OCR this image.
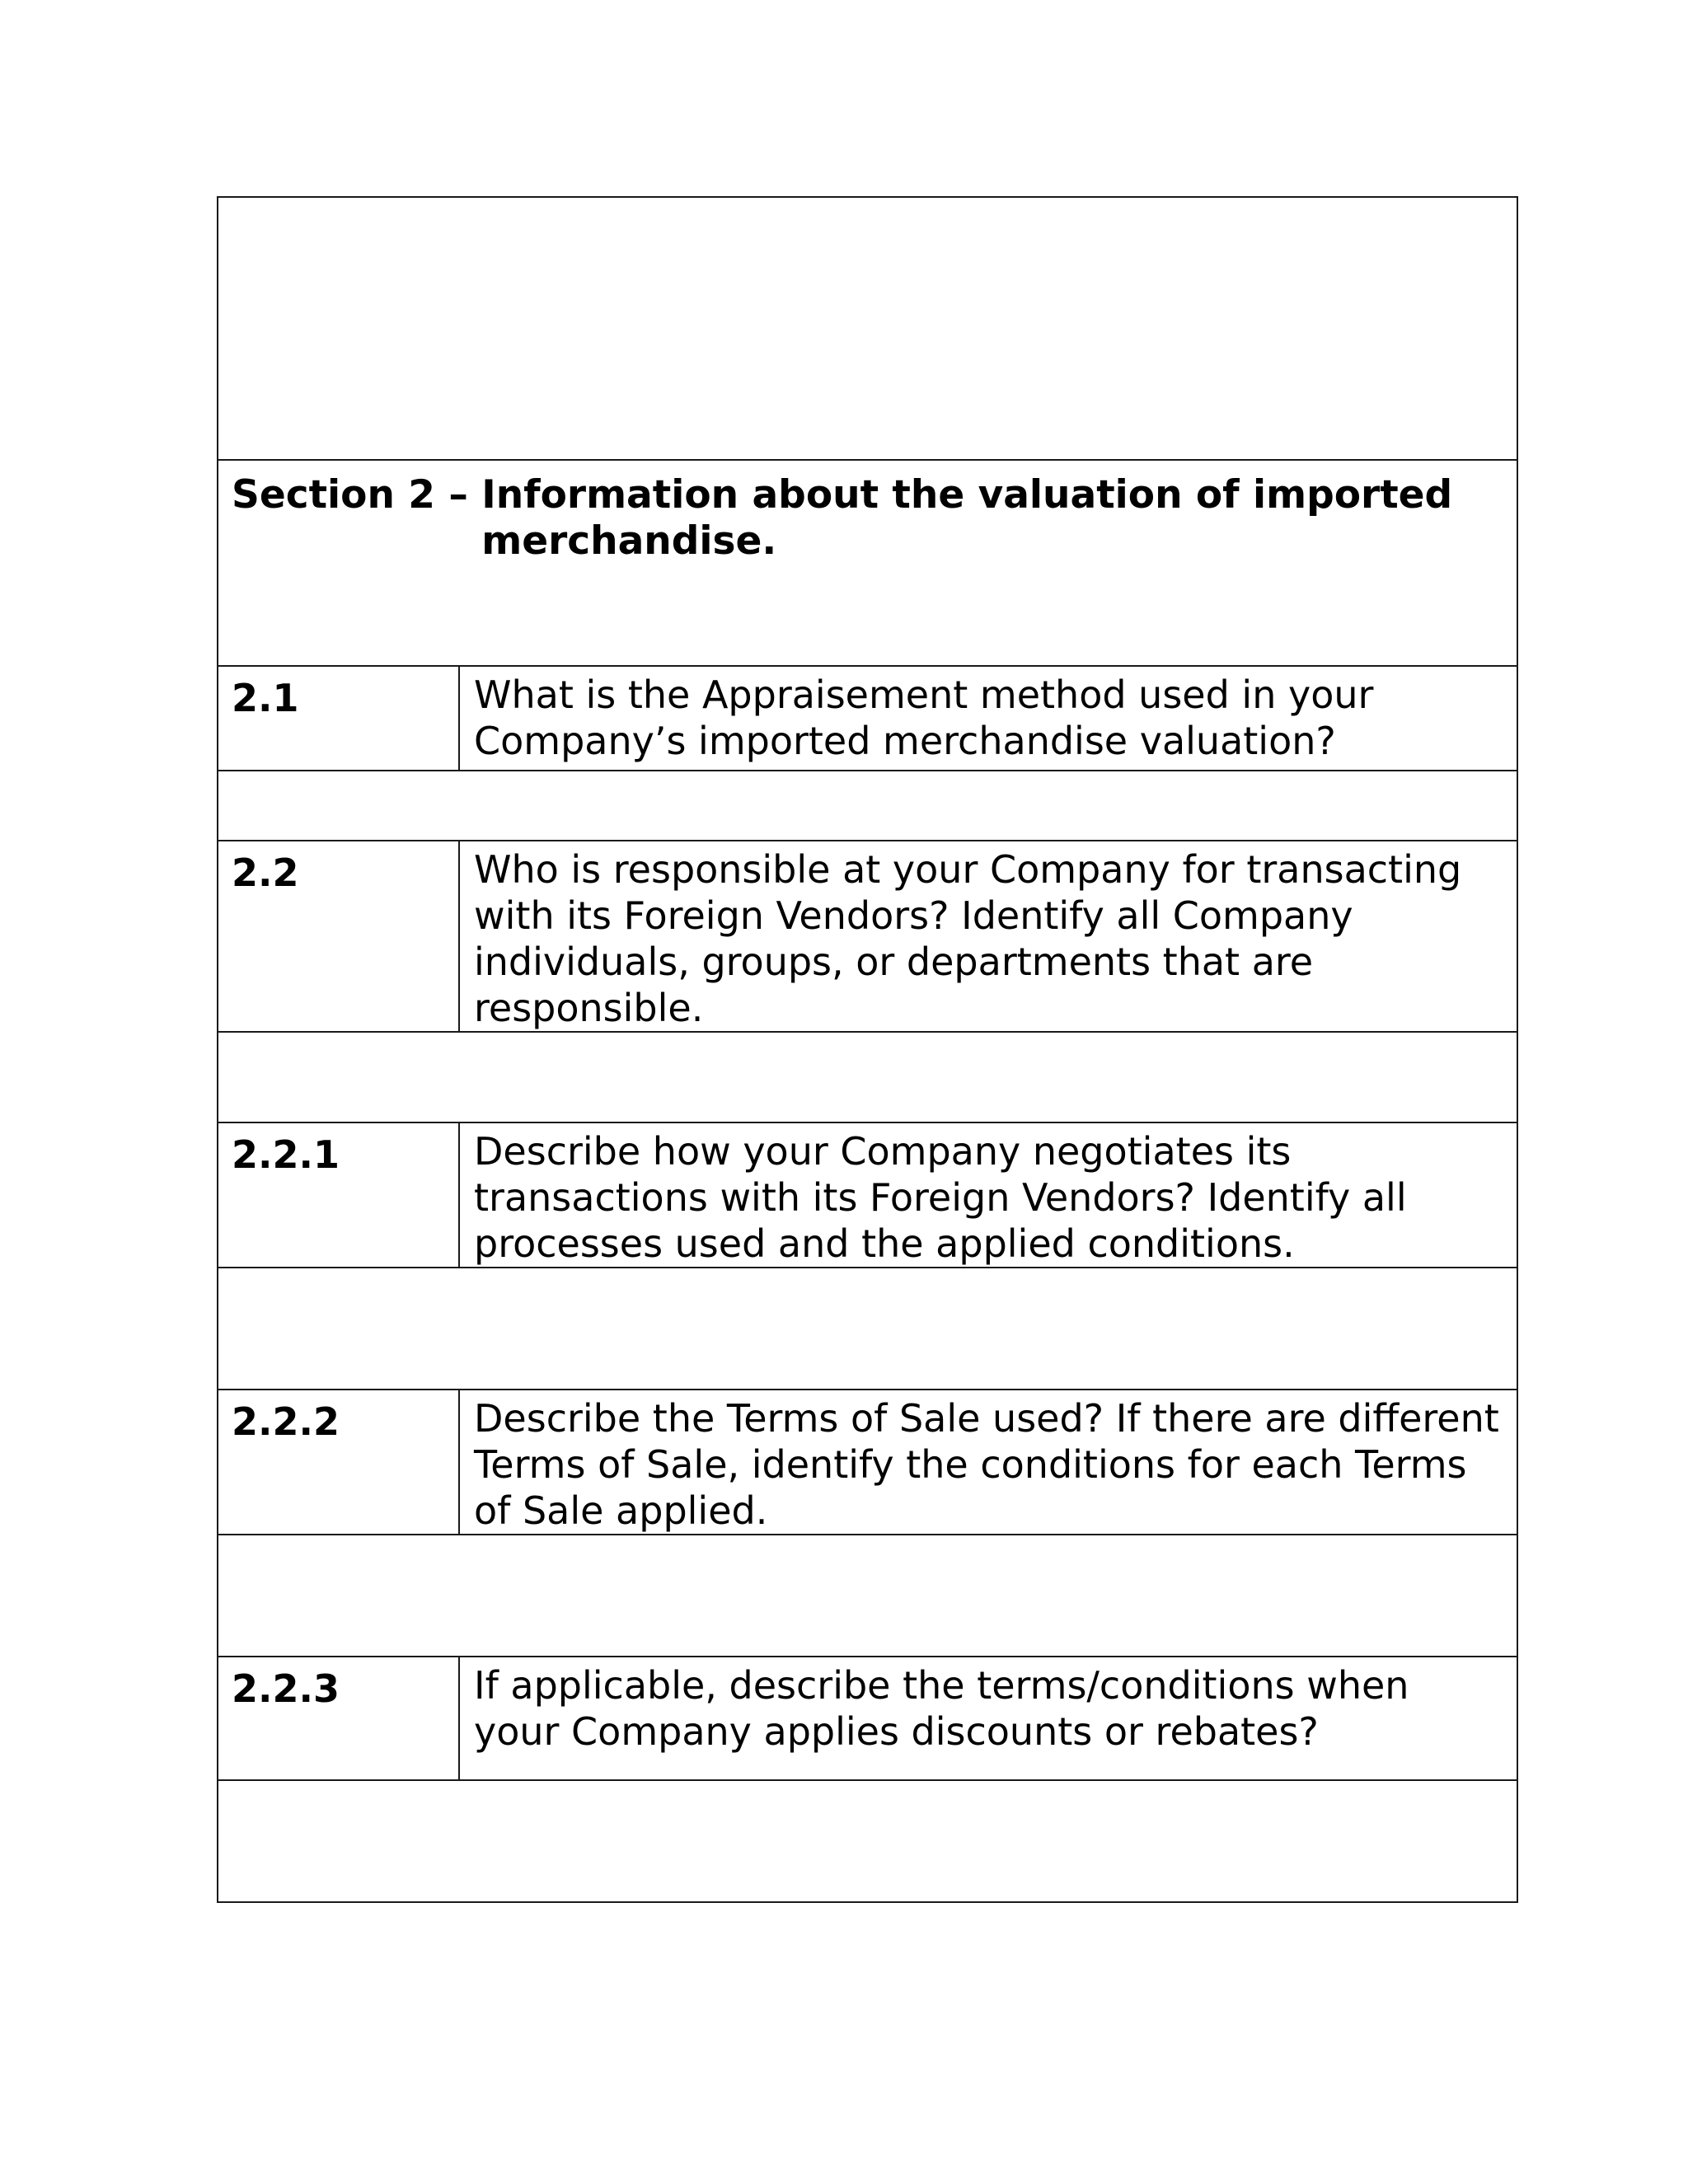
Section 2 – Information about the valuation of imported merchandise.	

2.1	What is the Appraisement method used in your Company’s imported merchandise valuation?

2.2	Who is responsible at your Company for transacting with its Foreign Vendors? Identify all Company individuals, groups, or departments that are responsible.

2.2.1	Describe how your Company negotiates its transactions with its Foreign Vendors? Identify all processes used and the applied conditions.

2.2.2	Describe the Terms of Sale used? If there are different Terms of Sale, identify the conditions for each Terms of Sale applied.

2.2.3	If applicable, describe the terms/conditions when your Company applies discounts or rebates?
